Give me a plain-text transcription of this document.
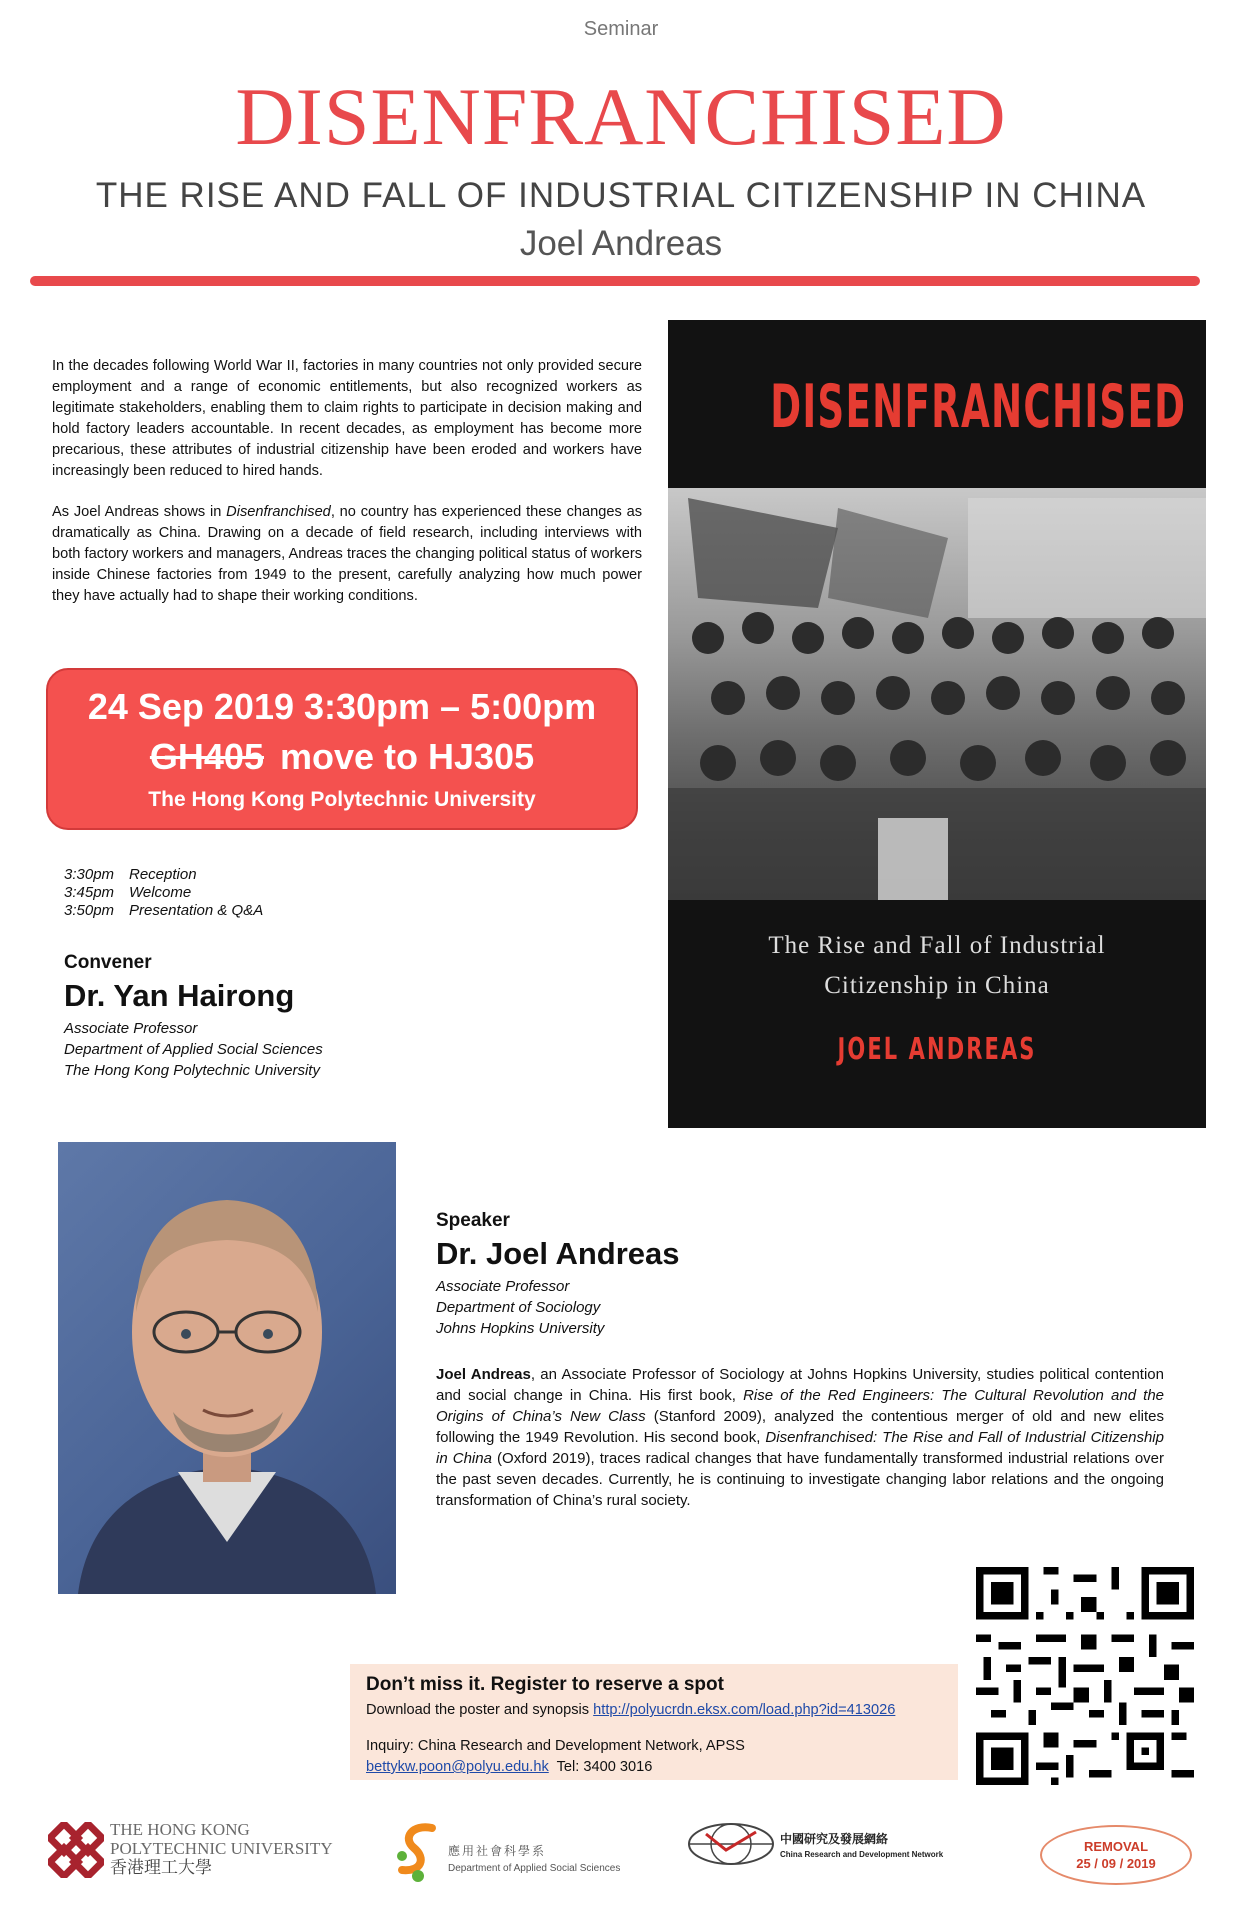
Seminar
DISENFRANCHISED
THE RISE AND FALL OF INDUSTRIAL CITIZENSHIP IN CHINA
Joel Andreas
In the decades following World War II, factories in many countries not only provided secure employment and a range of economic entitlements, but also recognized workers as legitimate stakeholders, enabling them to claim rights to participate in decision making and hold factory leaders accountable. In recent decades, as employment has become more precarious, these attributes of industrial citizenship have been eroded and workers have increasingly been reduced to hired hands.
As Joel Andreas shows in Disenfranchised, no country has experienced these changes as dramatically as China. Drawing on a decade of field research, including interviews with both factory workers and managers, Andreas traces the changing political status of workers inside Chinese factories from 1949 to the present, carefully analyzing how much power they have actually had to shape their working conditions.
24 Sep 2019 3:30pm – 5:00pm
GH405 move to HJ305
The Hong Kong Polytechnic University
3:30pm Reception
3:45pm Welcome
3:50pm Presentation & Q&A
Convener
Dr. Yan Hairong
Associate Professor
Department of Applied Social Sciences
The Hong Kong Polytechnic University
DISENFRANCHISED
The Rise and Fall of Industrial
Citizenship in China
JOEL ANDREAS
Speaker
Dr. Joel Andreas
Associate Professor
Department of Sociology
Johns Hopkins University
Joel Andreas, an Associate Professor of Sociology at Johns Hopkins University, studies political contention and social change in China. His first book, Rise of the Red Engineers: The Cultural Revolution and the Origins of China’s New Class (Stanford 2009), analyzed the contentious merger of old and new elites following the 1949 Revolution. His second book, Disenfranchised: The Rise and Fall of Industrial Citizenship in China (Oxford 2019), traces radical changes that have fundamentally transformed industrial relations over the past seven decades. Currently, he is continuing to investigate changing labor relations and the ongoing transformation of China’s rural society.
Don’t miss it. Register to reserve a spot
Download the poster and synopsis http://polyucrdn.eksx.com/load.php?id=413026
Inquiry: China Research and Development Network, APSS
bettykw.poon@polyu.edu.hk Tel: 3400 3016
THE HONG KONG
POLYTECHNIC UNIVERSITY
香港理工大學
應用社會科學系
Department of Applied Social Sciences
中國研究及發展網絡
China Research and Development Network
REMOVAL
25 / 09 / 2019
